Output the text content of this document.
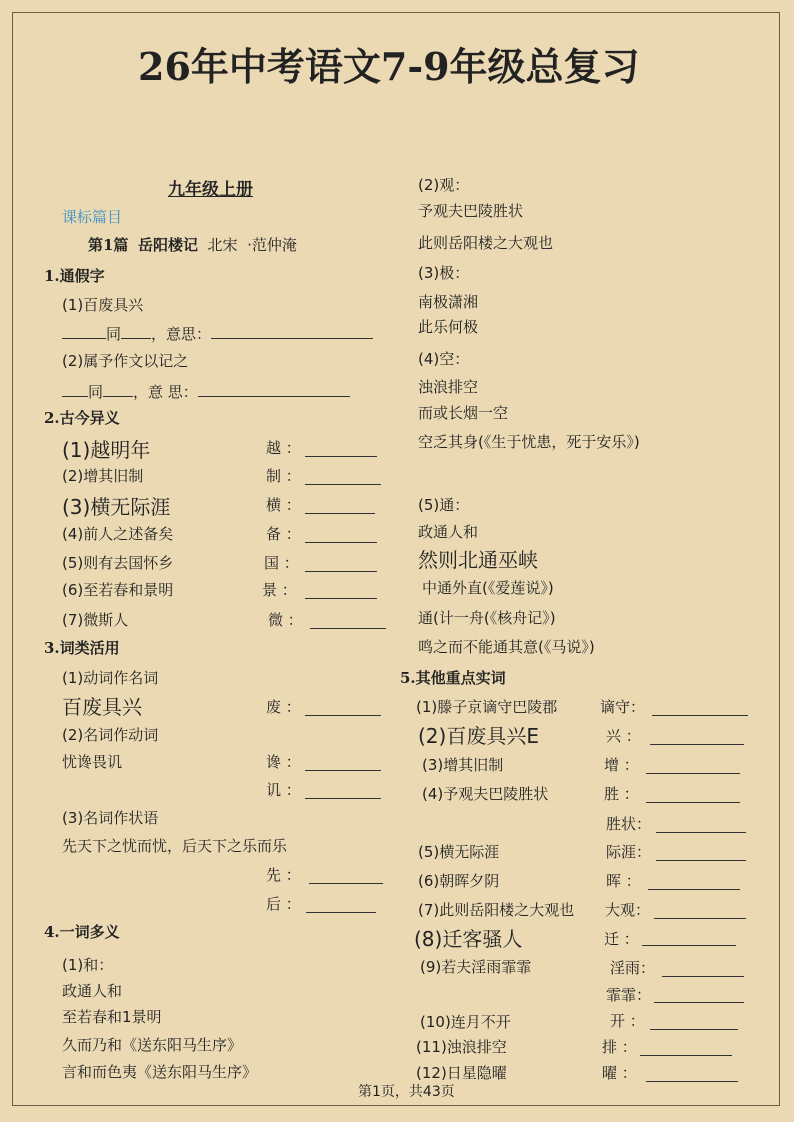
26年中考语文7-9年级总复习
九年级上册
课标篇目
第1篇 岳阳楼记 北宋 ·范仲淹
1.通假字
(1)百废具兴
同 ，意思：
(2)属予作文以记之
同 ，意 思：
2.古今异义
(1)越明年	越 ：
(2)增其旧制	制 ：
(3)横无际涯	横 ：
(4)前人之述备矣	备 ：
(5)则有去国怀乡	国 ：
(6)至若春和景明	景 ：
(7)微斯人	微 ：
3.词类活用
(1)动词作名词
百废具兴	废 ：
(2)名词作动词
忧谗畏讥	谗 ：
讥 ：
(3)名词作状语
先天下之忧而忧，后天下之乐而乐
先 ：
后 ：
4.一词多义
(1)和：
政通人和
至若春和1景明
久而乃和《送东阳马生序》
言和而色夷《送东阳马生序》
(2)观：
予观夫巴陵胜状
此则岳阳楼之大观也
(3)极：
南极潇湘
此乐何极
(4)空：
浊浪排空
而或长烟一空
空乏其身(《生于忧患，死于安乐》)
(5)通：
政通人和
然则北通巫峡
中通外直(《爱莲说》)
通(计一舟(《核舟记》)
鸣之而不能通其意(《马说》)
5.其他重点实词
(1)滕子京谪守巴陵郡	谪守：
(2)百废具兴E	兴 ：
(3)增其旧制	增 ：
(4)予观夫巴陵胜状	胜 ：
胜状：
(5)横无际涯	际涯：
(6)朝晖夕阴	晖 ：
(7)此则岳阳楼之大观也 大观：
(8)迁客骚人	迁 ：
(9)若夫淫雨霏霏	淫雨：
霏霏：
(10)连月不开	开 ：
(11)浊浪排空	排 ：
(12)日星隐曜	曜 ：
第1页，共43页
